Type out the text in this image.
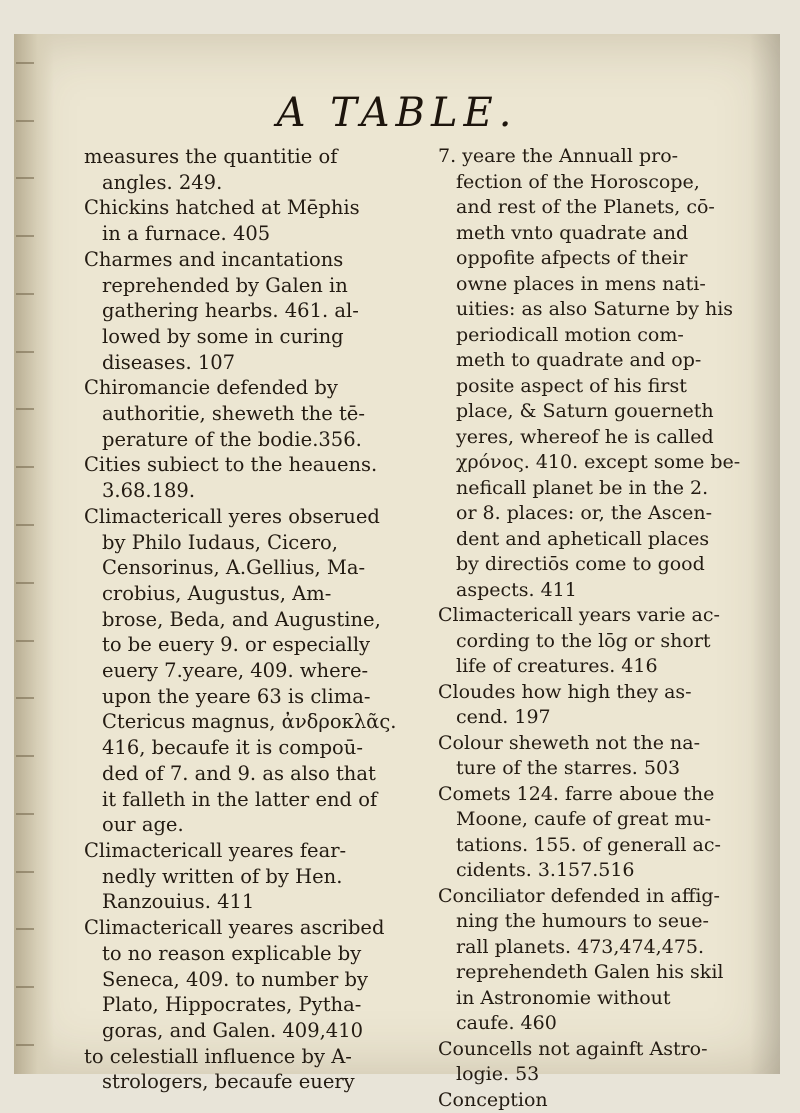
A TABLE.
measures the quantitie of
angles. 249.
Chickins hatched at Mēphis
in a furnace. 405
Charmes and incantations
reprehended by Galen in
gathering hearbs. 461. al-
lowed by some in curing
diseases. 107
Chiromancie defended by
authoritie, sheweth the tē-
perature of the bodie.356.
Cities subiect to the heauens.
3.68.189.
Climactericall yeres obserued
by Philo Iudaus, Cicero,
Censorinus, A.Gellius, Ma-
crobius, Augustus, Am-
brose, Beda, and Augustine,
to be euery 9. or especially
euery 7.yeare, 409. where-
upon the yeare 63 is clima-
Ctericus magnus, ἀνδροκλᾶς.
416, becaufe it is compoū-
ded of 7. and 9. as also that
it falleth in the latter end of
our age.
Climactericall yeares fear-
nedly written of by Hen.
Ranzouius. 411
Climactericall yeares ascribed
to no reason explicable by
Seneca, 409. to number by
Plato, Hippocrates, Pytha-
goras, and Galen. 409,410
to celestiall influence by A-
strologers, becaufe euery
7. yeare the Annuall pro-
fection of the Horoscope,
and rest of the Planets, cō-
meth vnto quadrate and
oppofite afpects of their
owne places in mens nati-
uities: as also Saturne by his
periodicall motion com-
meth to quadrate and op-
posite aspect of his first
place, & Saturn gouerneth
yeres, whereof he is called
χρόνος. 410. except some be-
neficall planet be in the 2.
or 8. places: or, the Ascen-
dent and apheticall places
by directiōs come to good
aspects. 411
Climactericall years varie ac-
cording to the lōg or short
life of creatures. 416
Cloudes how high they as-
cend. 197
Colour sheweth not the na-
ture of the starres. 503
Comets 124. farre aboue the
Moone, caufe of great mu-
tations. 155. of generall ac-
cidents. 3.157.516
Conciliator defended in affig-
ning the humours to seue-
rall planets. 473,474,475.
reprehendeth Galen his skil
in Astronomie without
caufe. 460
Councells not againft Astro-
logie. 53
Conception
